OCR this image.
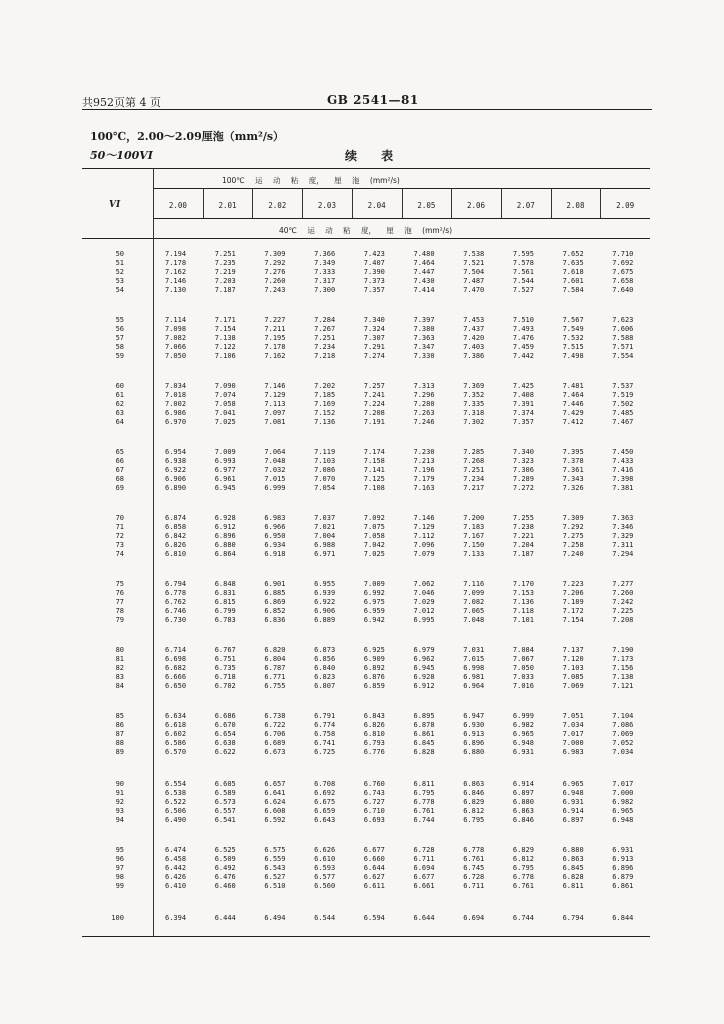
共952页第 4 页	GB 2541—81
100℃，2.00～2.09厘沲（mm²/s）
50～100VI	续 表
100℃ 运 动 粘 度， 厘 沲 (mm²/s)
40℃ 运 动 粘 度， 厘 沲 (mm²/s)
VI	2.00	2.01	2.02	2.03	2.04	2.05	2.06	2.07	2.08	2.09
50	7.194	7.251	7.309	7.366	7.423	7.480	7.538	7.595	7.652	7.710
51	7.178	7.235	7.292	7.349	7.407	7.464	7.521	7.578	7.635	7.692
52	7.162	7.219	7.276	7.333	7.390	7.447	7.504	7.561	7.618	7.675
53	7.146	7.203	7.260	7.317	7.373	7.430	7.487	7.544	7.601	7.658
54	7.130	7.187	7.243	7.300	7.357	7.414	7.470	7.527	7.584	7.640
55	7.114	7.171	7.227	7.284	7.340	7.397	7.453	7.510	7.567	7.623
56	7.098	7.154	7.211	7.267	7.324	7.380	7.437	7.493	7.549	7.606
57	7.082	7.138	7.195	7.251	7.307	7.363	7.420	7.476	7.532	7.588
58	7.066	7.122	7.178	7.234	7.291	7.347	7.403	7.459	7.515	7.571
59	7.050	7.106	7.162	7.218	7.274	7.330	7.386	7.442	7.498	7.554
60	7.034	7.090	7.146	7.202	7.257	7.313	7.369	7.425	7.481	7.537
61	7.018	7.074	7.129	7.185	7.241	7.296	7.352	7.408	7.464	7.519
62	7.002	7.058	7.113	7.169	7.224	7.280	7.335	7.391	7.446	7.502
63	6.986	7.041	7.097	7.152	7.208	7.263	7.318	7.374	7.429	7.485
64	6.970	7.025	7.081	7.136	7.191	7.246	7.302	7.357	7.412	7.467
65	6.954	7.009	7.064	7.119	7.174	7.230	7.285	7.340	7.395	7.450
66	6.938	6.993	7.048	7.103	7.158	7.213	7.268	7.323	7.378	7.433
67	6.922	6.977	7.032	7.086	7.141	7.196	7.251	7.306	7.361	7.416
68	6.906	6.961	7.015	7.070	7.125	7.179	7.234	7.289	7.343	7.398
69	6.890	6.945	6.999	7.054	7.108	7.163	7.217	7.272	7.326	7.381
70	6.874	6.928	6.983	7.037	7.092	7.146	7.200	7.255	7.309	7.363
71	6.858	6.912	6.966	7.021	7.075	7.129	7.183	7.238	7.292	7.346
72	6.842	6.896	6.950	7.004	7.058	7.112	7.167	7.221	7.275	7.329
73	6.826	6.880	6.934	6.988	7.042	7.096	7.150	7.204	7.258	7.311
74	6.810	6.864	6.918	6.971	7.025	7.079	7.133	7.187	7.240	7.294
75	6.794	6.848	6.901	6.955	7.009	7.062	7.116	7.170	7.223	7.277
76	6.778	6.831	6.885	6.939	6.992	7.046	7.099	7.153	7.206	7.260
77	6.762	6.815	6.869	6.922	6.975	7.029	7.082	7.136	7.189	7.242
78	6.746	6.799	6.852	6.906	6.959	7.012	7.065	7.118	7.172	7.225
79	6.730	6.783	6.836	6.889	6.942	6.995	7.048	7.101	7.154	7.208
80	6.714	6.767	6.820	6.873	6.925	6.979	7.031	7.084	7.137	7.190
81	6.698	6.751	6.804	6.856	6.909	6.962	7.015	7.067	7.120	7.173
82	6.682	6.735	6.787	6.840	6.892	6.945	6.998	7.050	7.103	7.156
83	6.666	6.718	6.771	6.823	6.876	6.928	6.981	7.033	7.085	7.138
84	6.650	6.702	6.755	6.807	6.859	6.912	6.964	7.016	7.069	7.121
85	6.634	6.686	6.738	6.791	6.843	6.895	6.947	6.999	7.051	7.104
86	6.618	6.670	6.722	6.774	6.826	6.878	6.930	6.982	7.034	7.086
87	6.602	6.654	6.706	6.758	6.810	6.861	6.913	6.965	7.017	7.069
88	6.586	6.638	6.689	6.741	6.793	6.845	6.896	6.948	7.000	7.052
89	6.570	6.622	6.673	6.725	6.776	6.828	6.880	6.931	6.983	7.034
90	6.554	6.605	6.657	6.708	6.760	6.811	6.863	6.914	6.965	7.017
91	6.538	6.589	6.641	6.692	6.743	6.795	6.846	6.897	6.948	7.000
92	6.522	6.573	6.624	6.675	6.727	6.778	6.829	6.880	6.931	6.982
93	6.506	6.557	6.608	6.659	6.710	6.761	6.812	6.863	6.914	6.965
94	6.490	6.541	6.592	6.643	6.693	6.744	6.795	6.846	6.897	6.948
95	6.474	6.525	6.575	6.626	6.677	6.728	6.778	6.829	6.880	6.931
96	6.458	6.509	6.559	6.610	6.660	6.711	6.761	6.812	6.863	6.913
97	6.442	6.492	6.543	6.593	6.644	6.694	6.745	6.795	6.845	6.896
98	6.426	6.476	6.527	6.577	6.627	6.677	6.728	6.778	6.828	6.879
99	6.410	6.460	6.510	6.560	6.611	6.661	6.711	6.761	6.811	6.861
100	6.394	6.444	6.494	6.544	6.594	6.644	6.694	6.744	6.794	6.844
